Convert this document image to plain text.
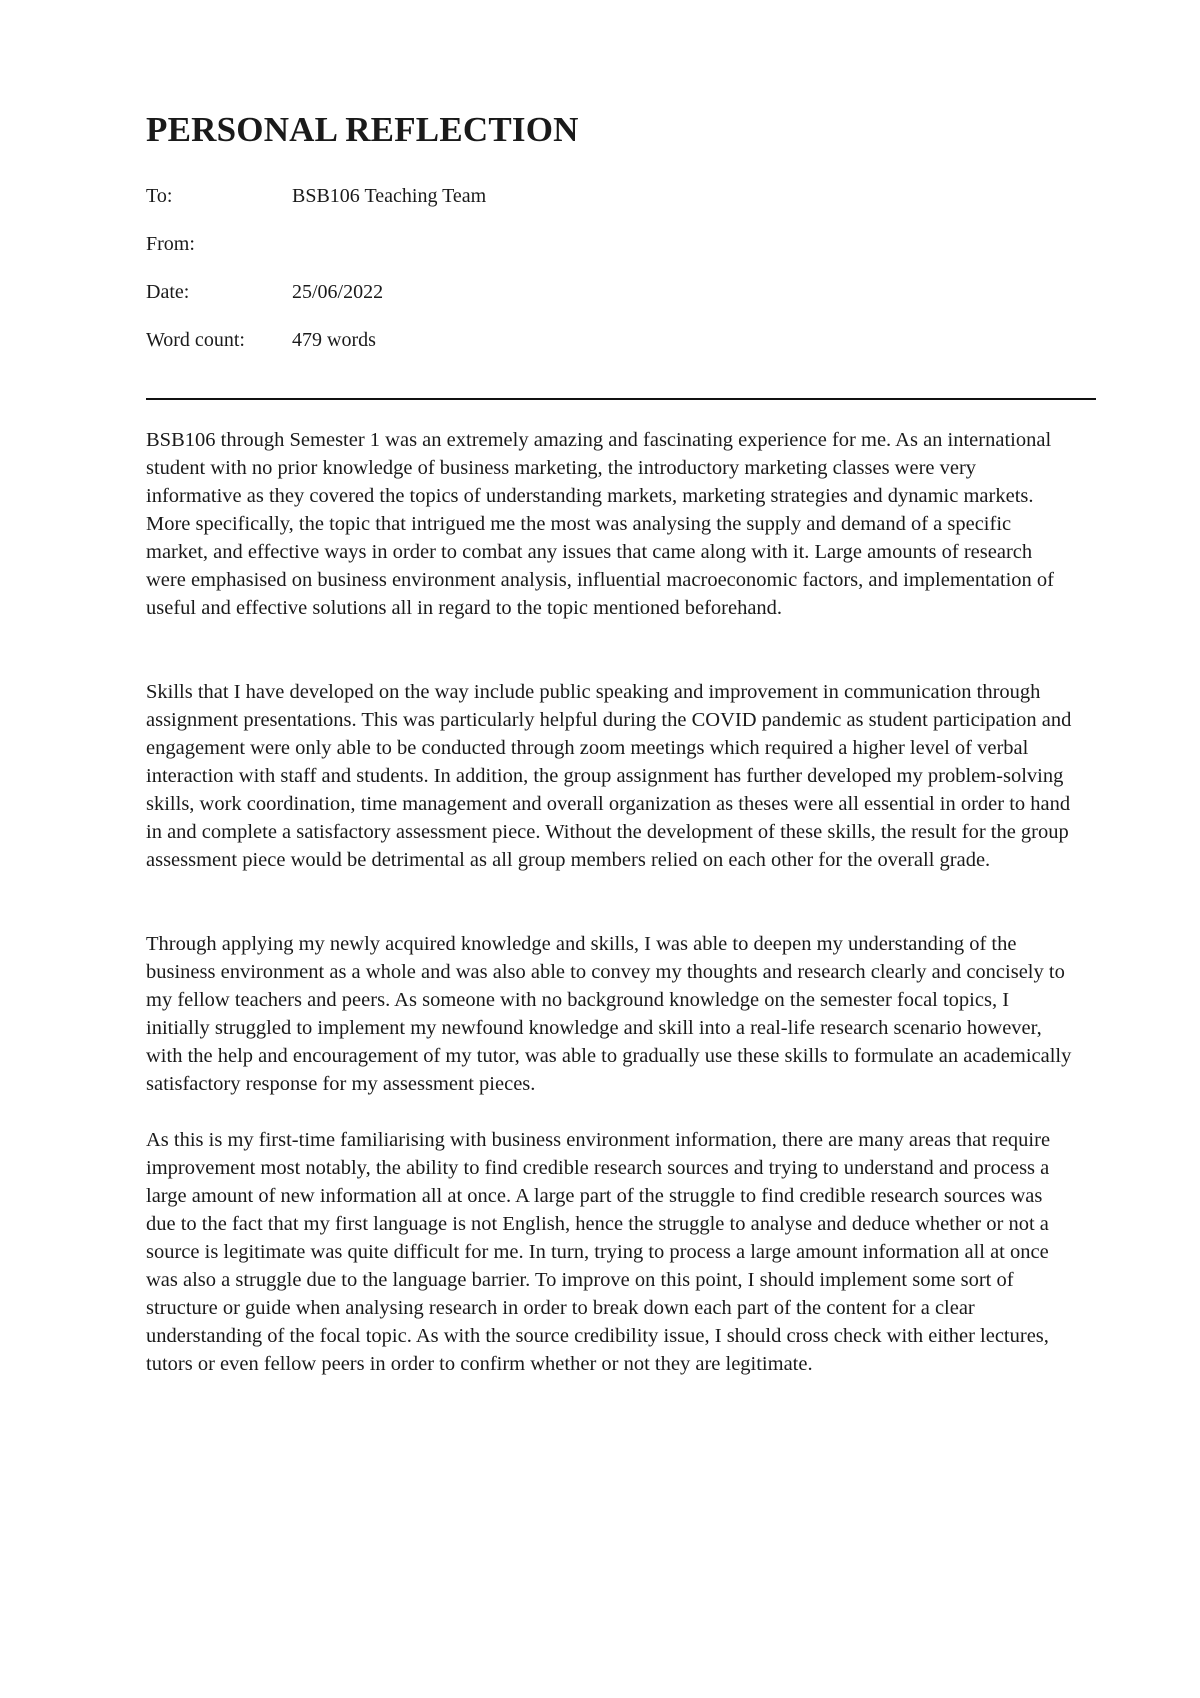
PERSONAL REFLECTION
To:	BSB106 Teaching Team
From:
Date:	25/06/2022
Word count:	479 words

BSB106 through Semester 1 was an extremely amazing and fascinating experience for me. As an international student with no prior knowledge of business marketing, the introductory marketing classes were very informative as they covered the topics of understanding markets, marketing strategies and dynamic markets. More specifically, the topic that intrigued me the most was analysing the supply and demand of a specific market, and effective ways in order to combat any issues that came along with it. Large amounts of research were emphasised on business environment analysis, influential macroeconomic factors, and implementation of useful and effective solutions all in regard to the topic mentioned beforehand.

Skills that I have developed on the way include public speaking and improvement in communication through assignment presentations. This was particularly helpful during the COVID pandemic as student participation and engagement were only able to be conducted through zoom meetings which required a higher level of verbal interaction with staff and students. In addition, the group assignment has further developed my problem-solving skills, work coordination, time management and overall organization as theses were all essential in order to hand in and complete a satisfactory assessment piece. Without the development of these skills, the result for the group assessment piece would be detrimental as all group members relied on each other for the overall grade.

Through applying my newly acquired knowledge and skills, I was able to deepen my understanding of the business environment as a whole and was also able to convey my thoughts and research clearly and concisely to my fellow teachers and peers. As someone with no background knowledge on the semester focal topics, I initially struggled to implement my newfound knowledge and skill into a real-life research scenario however, with the help and encouragement of my tutor, was able to gradually use these skills to formulate an academically satisfactory response for my assessment pieces.

As this is my first-time familiarising with business environment information, there are many areas that require improvement most notably, the ability to find credible research sources and trying to understand and process a large amount of new information all at once. A large part of the struggle to find credible research sources was due to the fact that my first language is not English, hence the struggle to analyse and deduce whether or not a source is legitimate was quite difficult for me. In turn, trying to process a large amount information all at once was also a struggle due to the language barrier. To improve on this point, I should implement some sort of structure or guide when analysing research in order to break down each part of the content for a clear understanding of the focal topic. As with the source credibility issue, I should cross check with either lectures, tutors or even fellow peers in order to confirm whether or not they are legitimate.
